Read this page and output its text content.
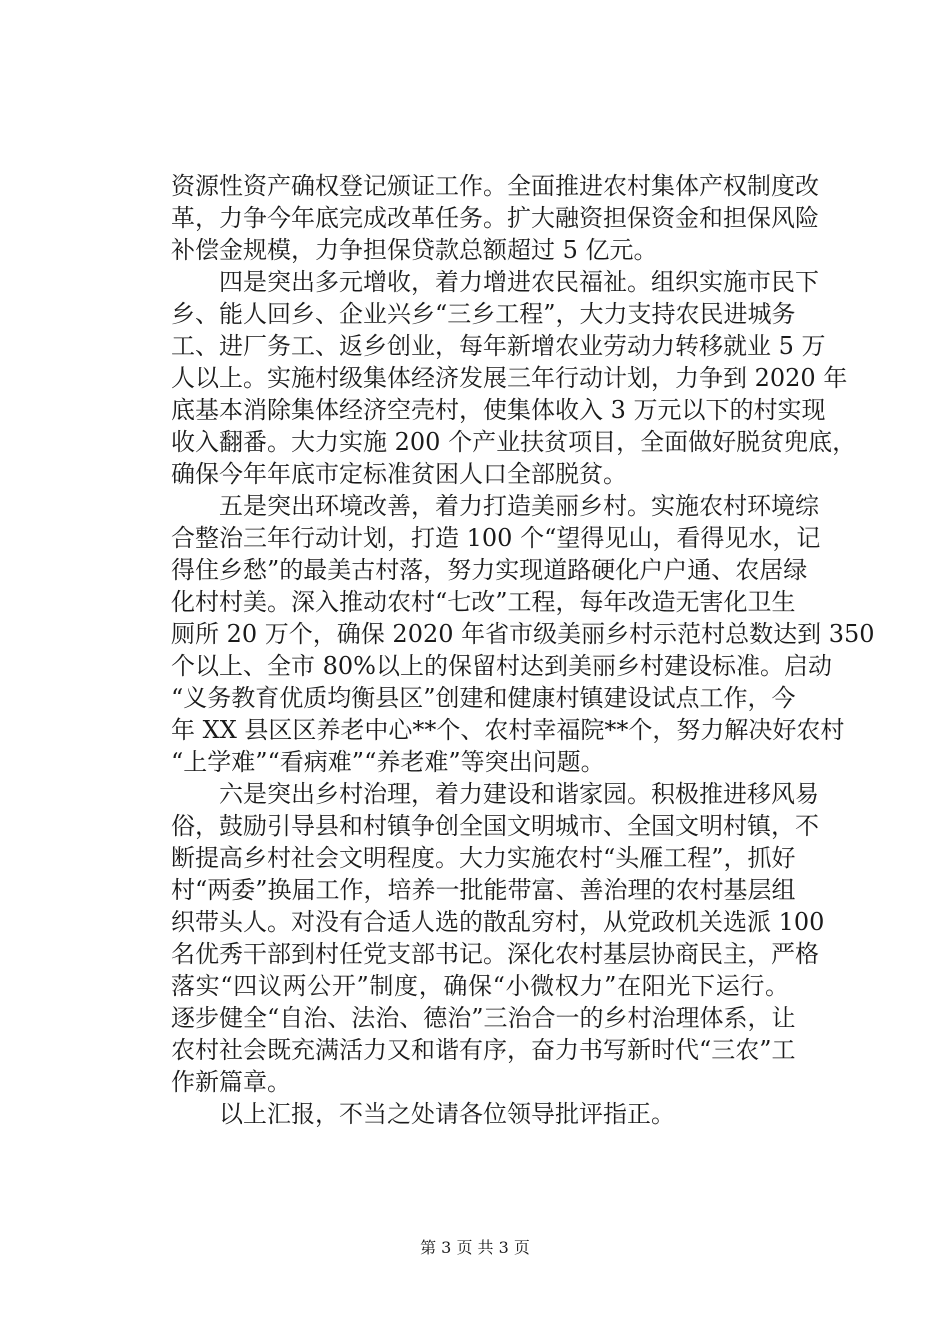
资源性资产确权登记颁证工作。全面推进农村集体产权制度改
革，力争今年底完成改革任务。扩大融资担保资金和担保风险
补偿金规模，力争担保贷款总额超过 5 亿元。
　　四是突出多元增收，着力增进农民福祉。组织实施市民下
乡、能人回乡、企业兴乡“三乡工程”，大力支持农民进城务
工、进厂务工、返乡创业，每年新增农业劳动力转移就业 5 万
人以上。实施村级集体经济发展三年行动计划，力争到 2020 年
底基本消除集体经济空壳村，使集体收入 3 万元以下的村实现
收入翻番。大力实施 200 个产业扶贫项目，全面做好脱贫兜底，
确保今年年底市定标准贫困人口全部脱贫。
　　五是突出环境改善，着力打造美丽乡村。实施农村环境综
合整治三年行动计划，打造 100 个“望得见山，看得见水，记
得住乡愁”的最美古村落，努力实现道路硬化户户通、农居绿
化村村美。深入推动农村“七改”工程，每年改造无害化卫生
厕所 20 万个，确保 2020 年省市级美丽乡村示范村总数达到 350
个以上、全市 80%以上的保留村达到美丽乡村建设标准。启动
“义务教育优质均衡县区”创建和健康村镇建设试点工作，今
年 XX 县区区养老中心**个、农村幸福院**个，努力解决好农村
“上学难”“看病难”“养老难”等突出问题。
　　六是突出乡村治理，着力建设和谐家园。积极推进移风易
俗，鼓励引导县和村镇争创全国文明城市、全国文明村镇，不
断提高乡村社会文明程度。大力实施农村“头雁工程”，抓好
村“两委”换届工作，培养一批能带富、善治理的农村基层组
织带头人。对没有合适人选的散乱穷村，从党政机关选派 100
名优秀干部到村任党支部书记。深化农村基层协商民主，严格
落实“四议两公开”制度，确保“小微权力”在阳光下运行。
逐步健全“自治、法治、德治”三治合一的乡村治理体系，让
农村社会既充满活力又和谐有序，奋力书写新时代“三农”工
作新篇章。
　　以上汇报，不当之处请各位领导批评指正。
第 3 页 共 3 页
